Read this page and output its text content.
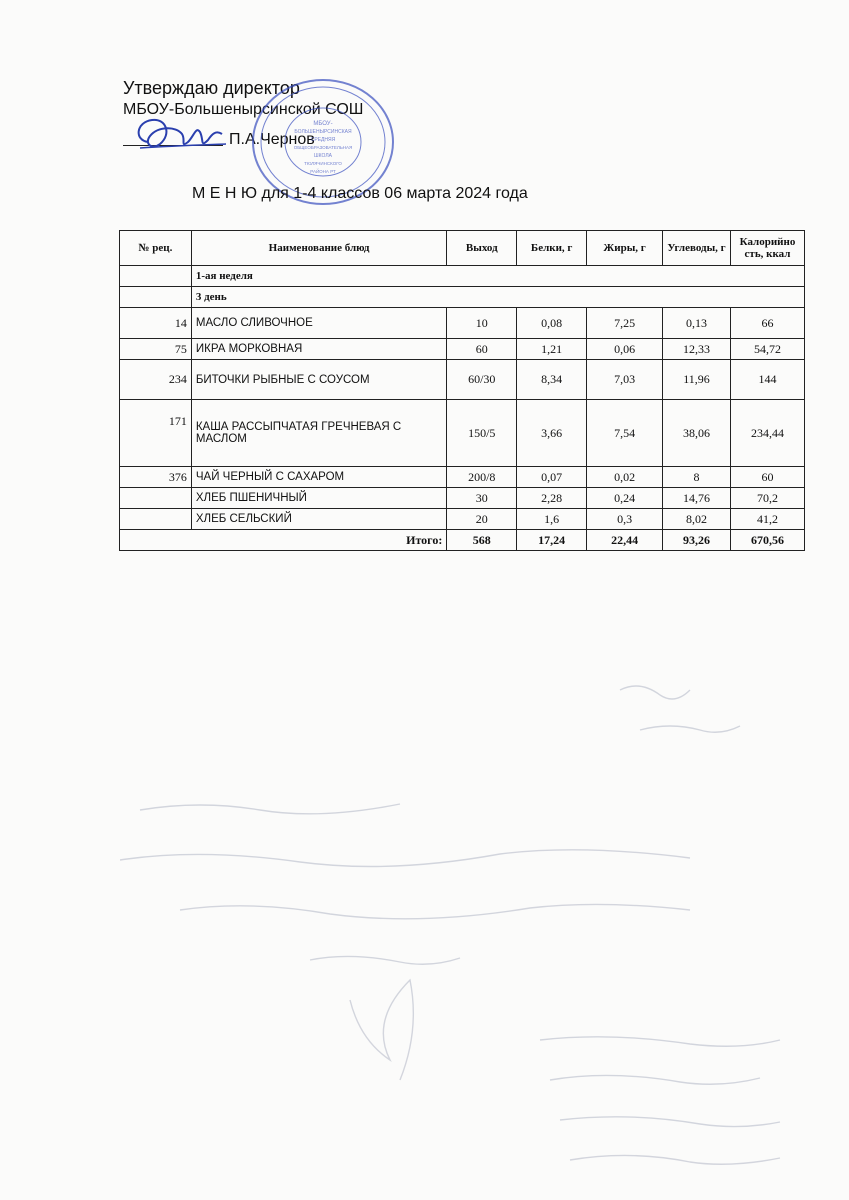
Утверждаю директор
МБОУ-Большеныpсинской СОШ
П.А.Чернов
МБОУ-
БОЛЬШЕНЫРСИНСКАЯ
СРЕДНЯЯ
ОБЩЕОБРАЗОВАТЕЛЬНАЯ
ШКОЛА
ТЮЛЯЧИНСКОГО
РАЙОНА РТ
М Е Н Ю для 1-4 классов 06 марта 2024 года
№ рец.	Наименование блюд	Выход	Белки, г	Жиры, г	Углеводы, г	Калорийно сть, ккал
	1-ая неделя					
	3 день					
14	МАСЛО СЛИВОЧНОЕ	10	0,08	7,25	0,13	66
75	ИКРА МОРКОВНАЯ	60	1,21	0,06	12,33	54,72
234	БИТОЧКИ РЫБНЫЕ С СОУСОМ	60/30	8,34	7,03	11,96	144
171	КАША РАССЫПЧАТАЯ ГРЕЧНЕВАЯ С МАСЛОМ	150/5	3,66	7,54	38,06	234,44
376	ЧАЙ ЧЕРНЫЙ С САХАРОМ	200/8	0,07	0,02	8	60
	ХЛЕБ ПШЕНИЧНЫЙ	30	2,28	0,24	14,76	70,2
	ХЛЕБ СЕЛЬСКИЙ	20	1,6	0,3	8,02	41,2
Итого:		568	17,24	22,44	93,26	670,56
